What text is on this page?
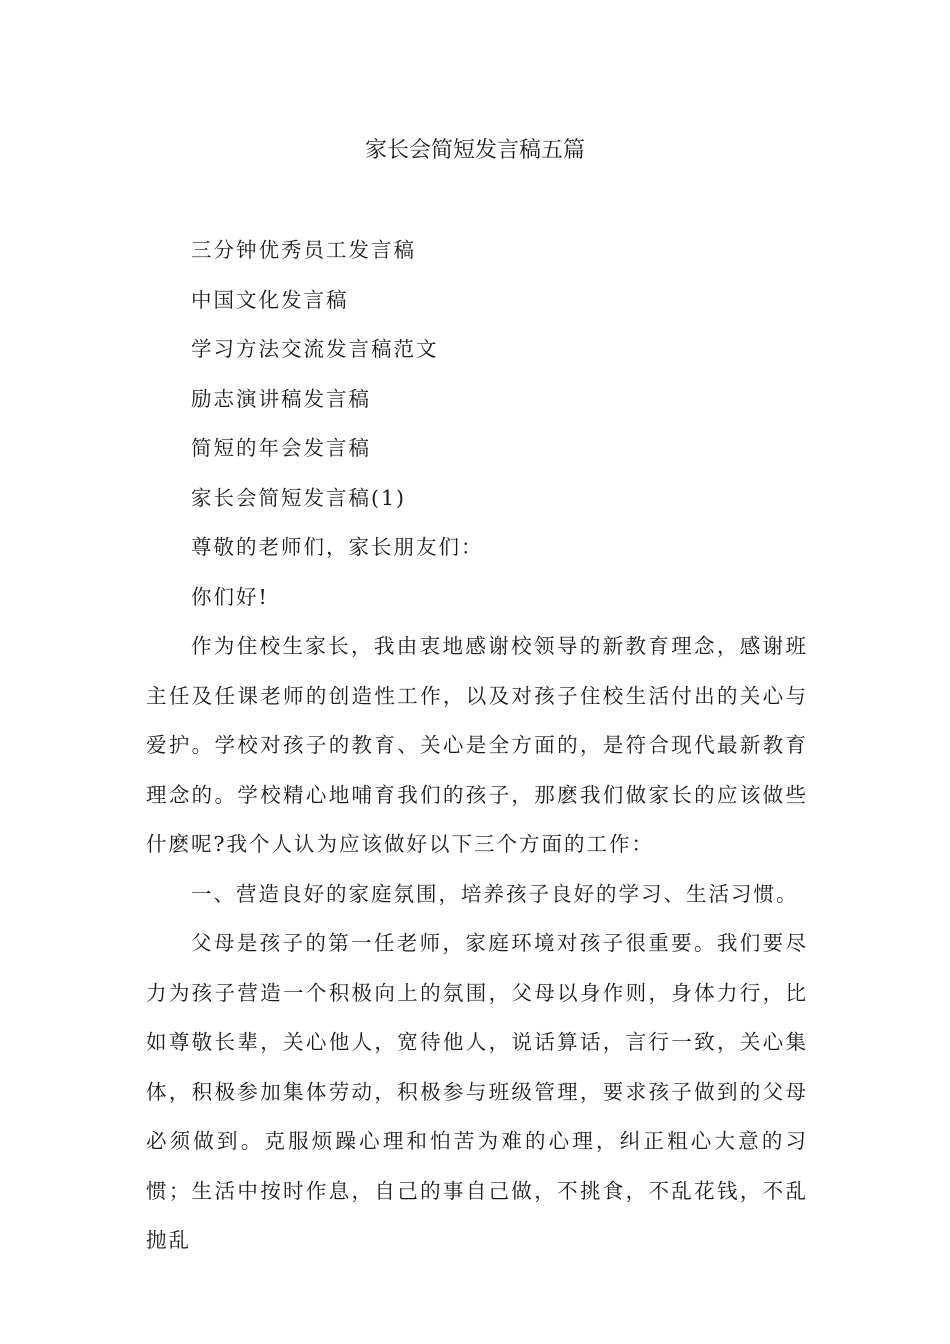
家长会简短发言稿五篇

三分钟优秀员工发言稿

中国文化发言稿

学习方法交流发言稿范文

励志演讲稿发言稿

简短的年会发言稿

家长会简短发言稿(1)

尊敬的老师们，家长朋友们：

你们好!

作为住校生家长，我由衷地感谢校领导的新教育理念，感谢班主任及任课老师的创造性工作，以及对孩子住校生活付出的关心与爱护。学校对孩子的教育、关心是全方面的，是符合现代最新教育理念的。学校精心地哺育我们的孩子，那麽我们做家长的应该做些什麽呢?我个人认为应该做好以下三个方面的工作：

一、营造良好的家庭氛围，培养孩子良好的学习、生活习惯。

父母是孩子的第一任老师，家庭环境对孩子很重要。我们要尽力为孩子营造一个积极向上的氛围，父母以身作则，身体力行，比如尊敬长辈，关心他人，宽待他人，说话算话，言行一致，关心集体，积极参加集体劳动，积极参与班级管理，要求孩子做到的父母必须做到。克服烦躁心理和怕苦为难的心理，纠正粗心大意的习惯；生活中按时作息，自己的事自己做，不挑食，不乱花钱，不乱抛乱
